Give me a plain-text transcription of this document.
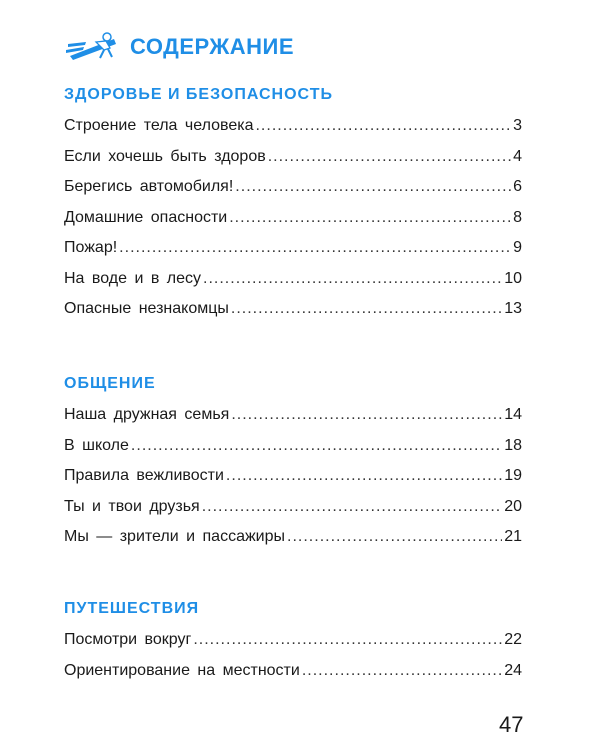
СОДЕРЖАНИЕ
ЗДОРОВЬЕ И БЕЗОПАСНОСТЬ
Строение тела человека .....	3
Если хочешь быть здоров .....	4
Берегись автомобиля! .....	6
Домашние опасности .....	8
Пожар! .....	9
На воде и в лесу .....	10
Опасные незнакомцы .....	13
ОБЩЕНИЕ
Наша дружная семья .....	14
В школе .....	18
Правила вежливости .....	19
Ты и твои друзья .....	20
Мы — зрители и пассажиры .....	21
ПУТЕШЕСТВИЯ
Посмотри вокруг .....	22
Ориентирование на местности .....	24
47
